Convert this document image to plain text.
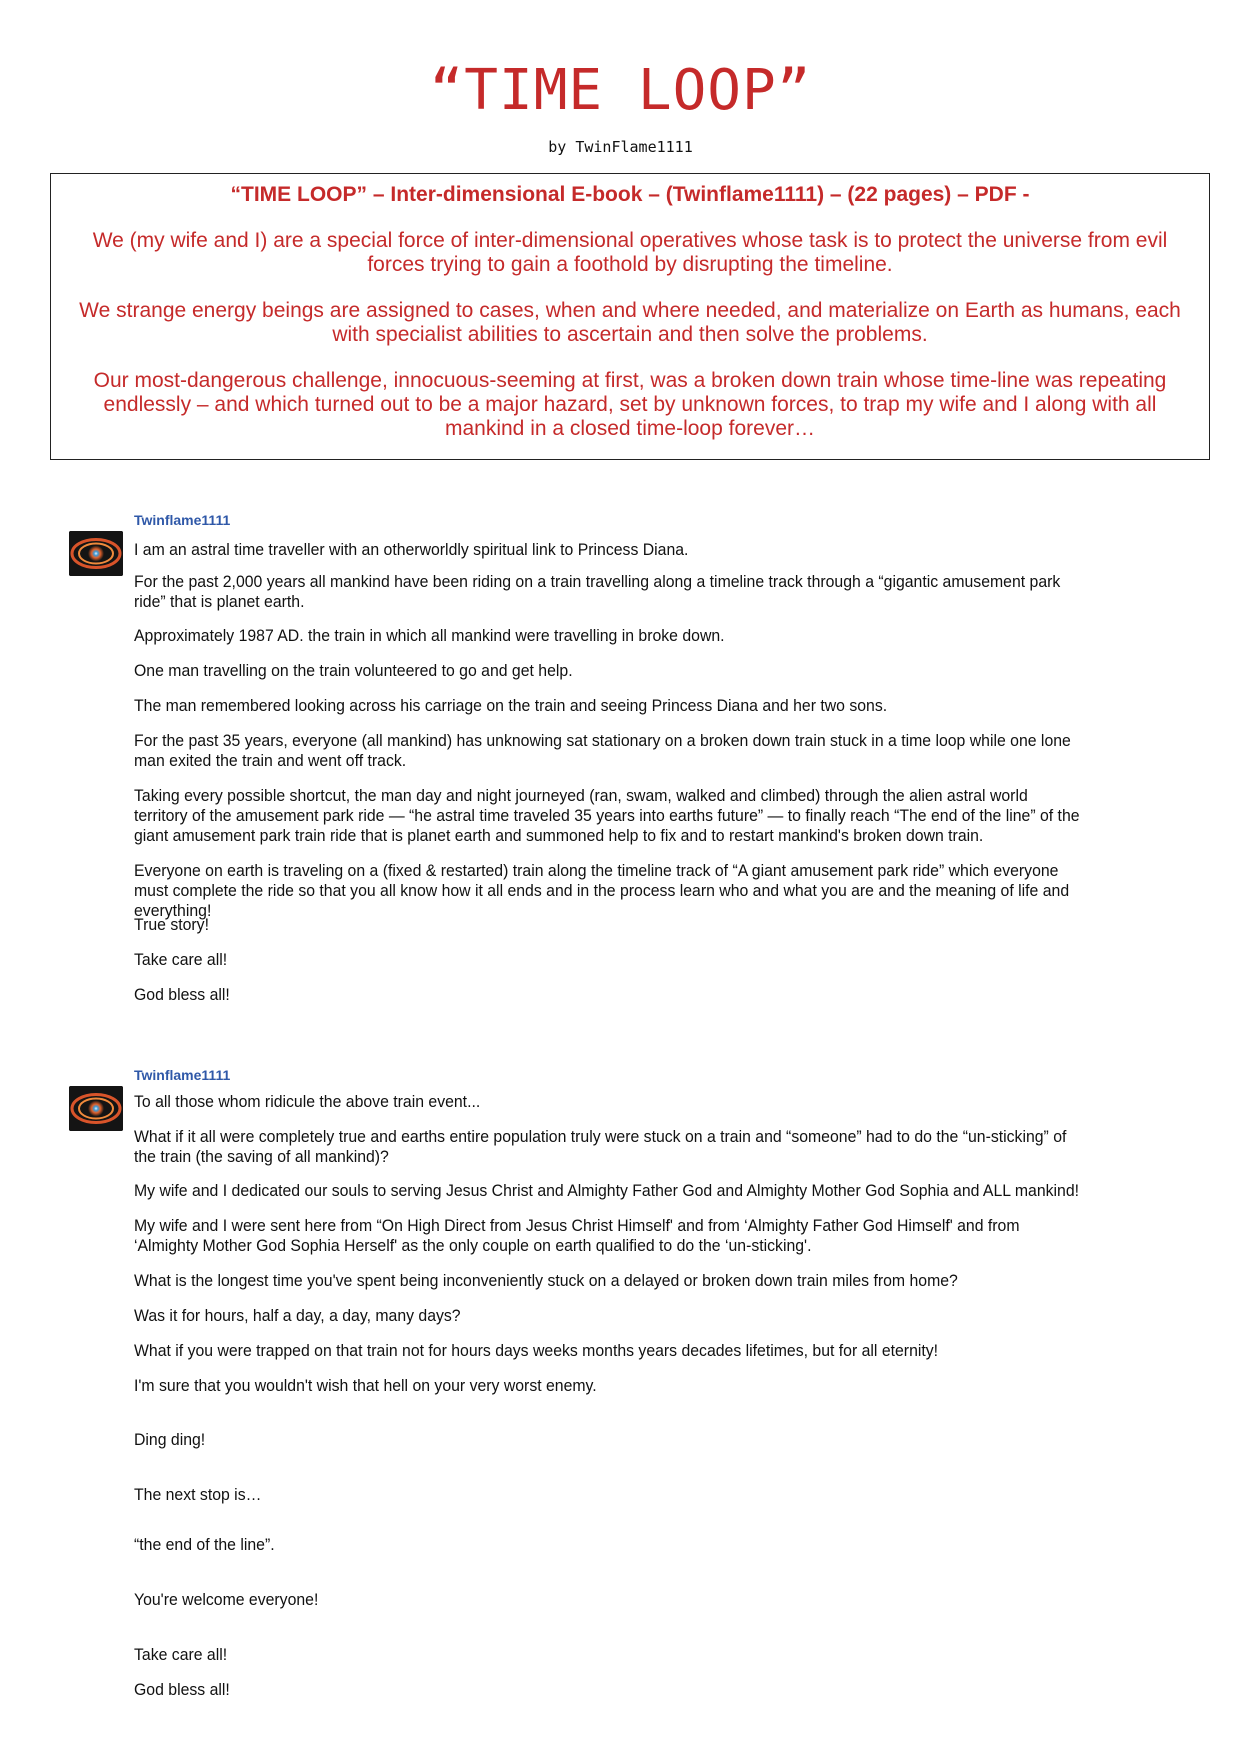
“TIME LOOP”
by TwinFlame1111
“TIME LOOP” – Inter-dimensional E-book – (Twinflame1111) – (22 pages) – PDF -

We (my wife and I) are a special force of inter-dimensional operatives whose task is to protect the universe from evil forces trying to gain a foothold by disrupting the timeline.

We strange energy beings are assigned to cases, when and where needed, and materialize on Earth as humans, each with specialist abilities to ascertain and then solve the problems.

Our most-dangerous challenge, innocuous-seeming at first, was a broken down train whose time-line was repeating endlessly – and which turned out to be a major hazard, set by unknown forces, to trap my wife and I along with all mankind in a closed time-loop forever…

Twinflame1111
I am an astral time traveller with an otherworldly spiritual link to Princess Diana.
For the past 2,000 years all mankind have been riding on a train travelling along a timeline track through a “gigantic amusement park ride” that is planet earth.
Approximately 1987 AD. the train in which all mankind were travelling in broke down.
One man travelling on the train volunteered to go and get help.
The man remembered looking across his carriage on the train and seeing Princess Diana and her two sons.
For the past 35 years, everyone (all mankind) has unknowing sat stationary on a broken down train stuck in a time loop while one lone man exited the train and went off track.
Taking every possible shortcut, the man day and night journeyed (ran, swam, walked and climbed) through the alien astral world territory of the amusement park ride — “he astral time traveled 35 years into earths future” — to finally reach “The end of the line” of the giant amusement park train ride that is planet earth and summoned help to fix and to restart mankind's broken down train.
Everyone on earth is traveling on a (fixed & restarted) train along the timeline track of “A giant amusement park ride” which everyone must complete the ride so that you all know how it all ends and in the process learn who and what you are and the meaning of life and everything!
True story!
Take care all!
God bless all!
Twinflame1111
To all those whom ridicule the above train event...
What if it all were completely true and earths entire population truly were stuck on a train and “someone” had to do the “un-sticking” of the train (the saving of all mankind)?
My wife and I dedicated our souls to serving Jesus Christ and Almighty Father God and Almighty Mother God Sophia and ALL mankind!
My wife and I were sent here from “On High Direct from Jesus Christ Himself' and from ‘Almighty Father God Himself' and from ‘Almighty Mother God Sophia Herself' as the only couple on earth qualified to do the ‘un-sticking'.
What is the longest time you've spent being inconveniently stuck on a delayed or broken down train miles from home?
Was it for hours, half a day, a day, many days?
What if you were trapped on that train not for hours days weeks months years decades lifetimes, but for all eternity!
I'm sure that you wouldn't wish that hell on your very worst enemy.
Ding ding!
The next stop is…
“the end of the line”.
You're welcome everyone!
Take care all!
God bless all!
